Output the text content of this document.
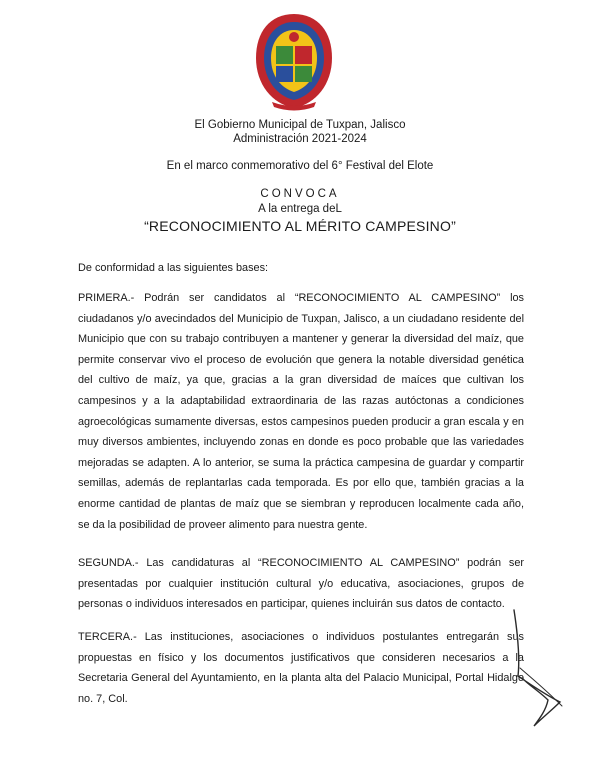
El Gobierno Municipal de Tuxpan, Jalisco
Administración 2021-2024
En el marco conmemorativo del 6° Festival del Elote
CONVOCA
A la entrega deL
“RECONOCIMIENTO AL MÉRITO CAMPESINO”
De conformidad a las siguientes bases:
PRIMERA.- Podrán ser candidatos al “RECONOCIMIENTO AL CAMPESINO” los ciudadanos y/o avecindados del Municipio de Tuxpan, Jalisco, a un ciudadano residente del Municipio que con su trabajo contribuyen a mantener y generar la diversidad del maíz, que permite conservar vivo el proceso de evolución que genera la notable diversidad genética del cultivo de maíz, ya que, gracias a la gran diversidad de maíces que cultivan los campesinos y a la adaptabilidad extraordinaria de las razas autóctonas a condiciones agroecológicas sumamente diversas, estos campesinos pueden producir a gran escala y en muy diversos ambientes, incluyendo zonas en donde es poco probable que las variedades mejoradas se adapten. A lo anterior, se suma la práctica campesina de guardar y compartir semillas, además de replantarlas cada temporada. Es por ello que, también gracias a la enorme cantidad de plantas de maíz que se siembran y reproducen localmente cada año, se da la posibilidad de proveer alimento para nuestra gente.
SEGUNDA.- Las candidaturas al “RECONOCIMIENTO AL CAMPESINO” podrán ser presentadas por cualquier institución cultural y/o educativa, asociaciones, grupos de personas o individuos interesados en participar, quienes incluirán sus datos de contacto.
TERCERA.- Las instituciones, asociaciones o individuos postulantes entregarán sus propuestas en físico y los documentos justificativos que consideren necesarios a la Secretaria General del Ayuntamiento, en la planta alta del Palacio Municipal, Portal Hidalgo no. 7, Col.
